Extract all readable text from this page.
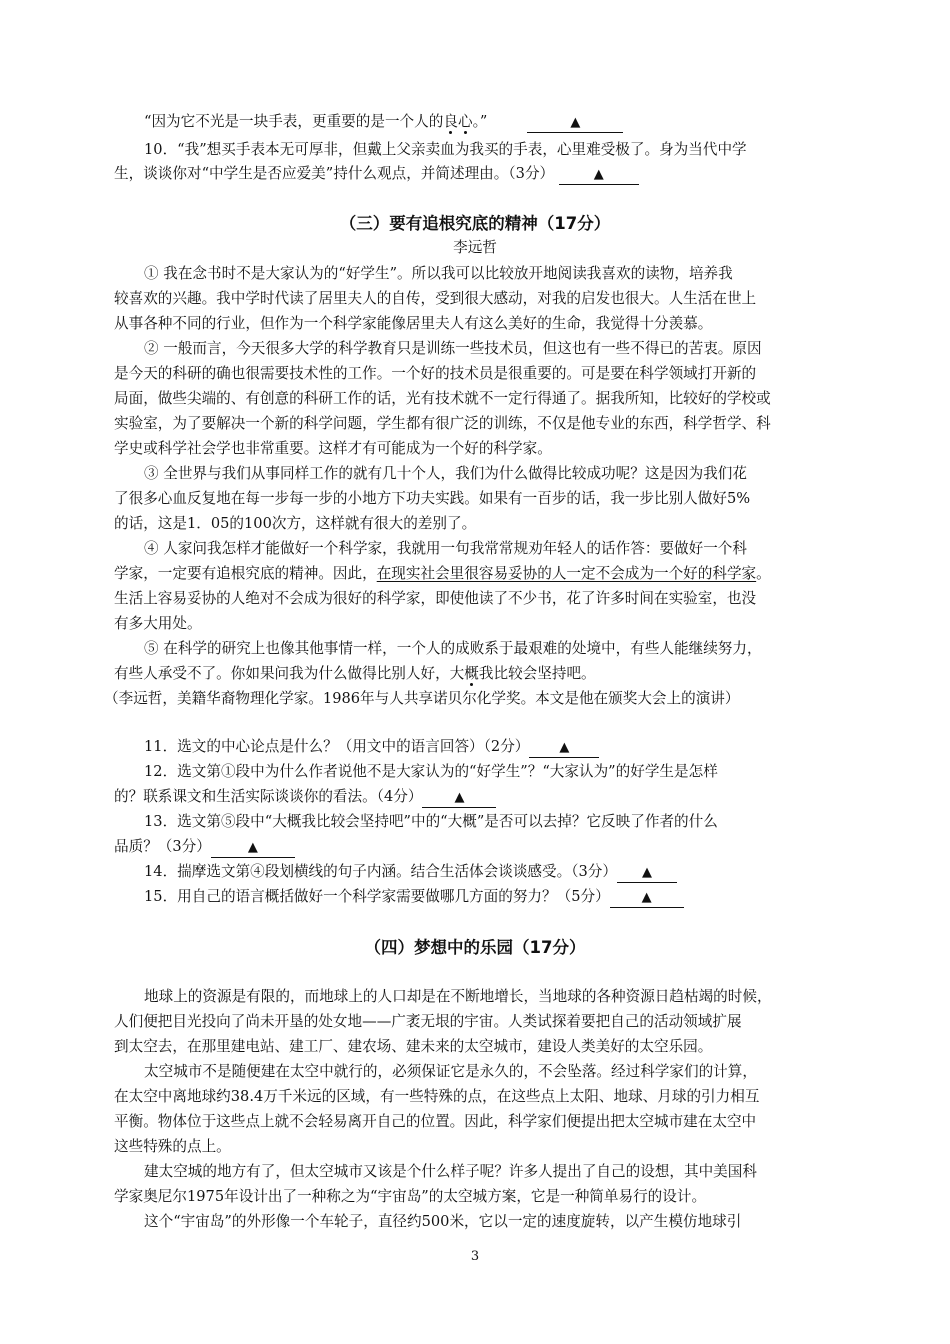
“因为它不光是一块手表，更重要的是一个人的良心。”	▲
10．“我”想买手表本无可厚非，但戴上父亲卖血为我买的手表，心里难受极了。身为当代中学
生，谈谈你对“中学生是否应爱美”持什么观点，并简述理由。（3分）	▲
（三）要有追根究底的精神（17分）
李远哲
① 我在念书时不是大家认为的“好学生”。所以我可以比较放开地阅读我喜欢的读物，培养我
较喜欢的兴趣。我中学时代读了居里夫人的自传，受到很大感动，对我的启发也很大。人生活在世上
从事各种不同的行业，但作为一个科学家能像居里夫人有这么美好的生命，我觉得十分羡慕。
② 一般而言，今天很多大学的科学教育只是训练一些技术员，但这也有一些不得已的苦衷。原因
是今天的科研的确也很需要技术性的工作。一个好的技术员是很重要的。可是要在科学领域打开新的
局面，做些尖端的、有创意的科研工作的话，光有技术就不一定行得通了。据我所知，比较好的学校或
实验室，为了要解决一个新的科学问题，学生都有很广泛的训练，不仅是他专业的东西，科学哲学、科
学史或科学社会学也非常重要。这样才有可能成为一个好的科学家。
③ 全世界与我们从事同样工作的就有几十个人，我们为什么做得比较成功呢？这是因为我们花
了很多心血反复地在每一步每一步的小地方下功夫实践。如果有一百步的话，我一步比别人做好5%
的话，这是1．05的100次方，这样就有很大的差别了。
④ 人家问我怎样才能做好一个科学家，我就用一句我常常规劝年轻人的话作答：要做好一个科
学家，一定要有追根究底的精神。因此，在现实社会里很容易妥协的人一定不会成为一个好的科学家。
生活上容易妥协的人绝对不会成为很好的科学家，即使他读了不少书，花了许多时间在实验室，也没
有多大用处。
⑤ 在科学的研究上也像其他事情一样，一个人的成败系于最艰难的处境中，有些人能继续努力，
有些人承受不了。你如果问我为什么做得比别人好，大概我比较会坚持吧。
（李远哲，美籍华裔物理化学家。1986年与人共享诺贝尔化学奖。本文是他在颁奖大会上的演讲）
11．选文的中心论点是什么？（用文中的语言回答）（2分） ▲
12．选文第①段中为什么作者说他不是大家认为的“好学生”？“大家认为”的好学生是怎样
的？联系课文和生活实际谈谈你的看法。（4分） ▲
13．选文第⑤段中“大概我比较会坚持吧”中的“大概”是否可以去掉？它反映了作者的什么
品质？（3分）	▲
14．揣摩选文第④段划横线的句子内涵。结合生活体会谈谈感受。（3分） ▲
15．用自己的语言概括做好一个科学家需要做哪几方面的努力？（5分） ▲
（四）梦想中的乐园（17分）
地球上的资源是有限的，而地球上的人口却是在不断地增长，当地球的各种资源日趋枯竭的时候，
人们便把目光投向了尚未开垦的处女地——广袤无垠的宇宙。人类试探着要把自己的活动领域扩展
到太空去，在那里建电站、建工厂、建农场、建未来的太空城市，建设人类美好的太空乐园。
太空城市不是随便建在太空中就行的，必须保证它是永久的，不会坠落。经过科学家们的计算，
在太空中离地球约38.4万千米远的区域，有一些特殊的点，在这些点上太阳、地球、月球的引力相互
平衡。物体位于这些点上就不会轻易离开自己的位置。因此，科学家们便提出把太空城市建在太空中
这些特殊的点上。
建太空城的地方有了，但太空城市又该是个什么样子呢？许多人提出了自己的设想，其中美国科
学家奥尼尔1975年设计出了一种称之为“宇宙岛”的太空城方案，它是一种简单易行的设计。
这个“宇宙岛”的外形像一个车轮子，直径约500米，它以一定的速度旋转，以产生模仿地球引
3
